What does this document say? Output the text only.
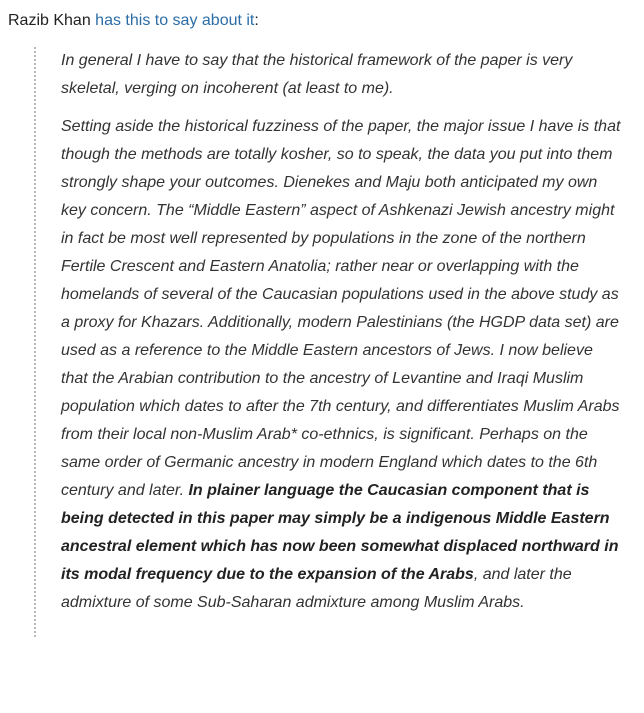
Razib Khan has this to say about it:

In general I have to say that the historical framework of the paper is very skeletal, verging on incoherent (at least to me).

Setting aside the historical fuzziness of the paper, the major issue I have is that though the methods are totally kosher, so to speak, the data you put into them strongly shape your outcomes. Dienekes and Maju both anticipated my own key concern. The “Middle Eastern” aspect of Ashkenazi Jewish ancestry might in fact be most well represented by populations in the zone of the northern Fertile Crescent and Eastern Anatolia; rather near or overlapping with the homelands of several of the Caucasian populations used in the above study as a proxy for Khazars. Additionally, modern Palestinians (the HGDP data set) are used as a reference to the Middle Eastern ancestors of Jews. I now believe that the Arabian contribution to the ancestry of Levantine and Iraqi Muslim population which dates to after the 7th century, and differentiates Muslim Arabs from their local non-Muslim Arab* co-ethnics, is significant. Perhaps on the same order of Germanic ancestry in modern England which dates to the 6th century and later. In plainer language the Caucasian component that is being detected in this paper may simply be a indigenous Middle Eastern ancestral element which has now been somewhat displaced northward in its modal frequency due to the expansion of the Arabs, and later the admixture of some Sub-Saharan admixture among Muslim Arabs.
